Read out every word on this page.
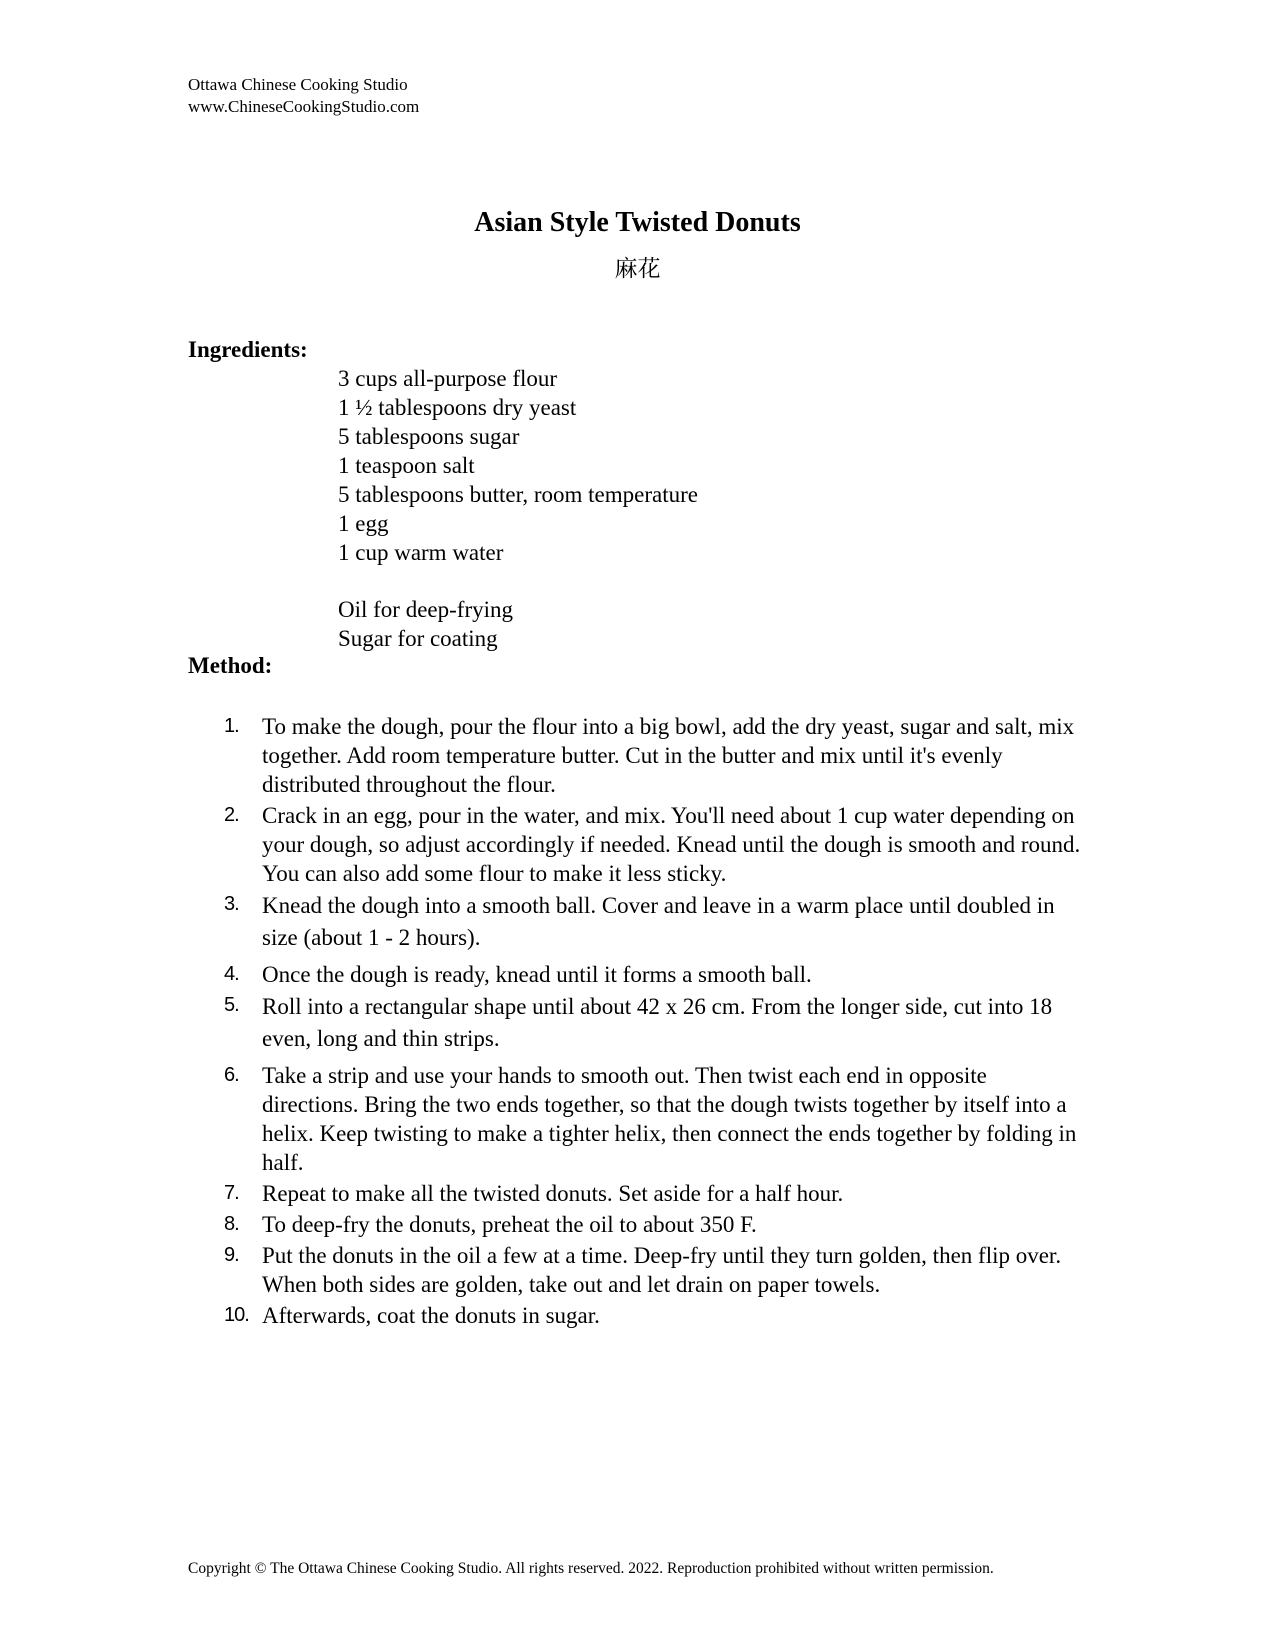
Ottawa Chinese Cooking Studio
www.ChineseCookingStudio.com
Asian Style Twisted Donuts
麻花
Ingredients:
3 cups all-purpose flour
1 ½ tablespoons dry yeast
5 tablespoons sugar
1 teaspoon salt
5 tablespoons butter, room temperature
1 egg
1 cup warm water
Oil for deep-frying
Sugar for coating
Method:
1.	To make the dough, pour the flour into a big bowl, add the dry yeast, sugar and salt, mix together. Add room temperature butter. Cut in the butter and mix until it's evenly distributed throughout the flour.
2.	Crack in an egg, pour in the water, and mix. You'll need about 1 cup water depending on your dough, so adjust accordingly if needed. Knead until the dough is smooth and round. You can also add some flour to make it less sticky.
3.	Knead the dough into a smooth ball. Cover and leave in a warm place until doubled in size (about 1 - 2 hours).
4.	Once the dough is ready, knead until it forms a smooth ball.
5.	Roll into a rectangular shape until about 42 x 26 cm. From the longer side, cut into 18 even, long and thin strips.
6.	Take a strip and use your hands to smooth out. Then twist each end in opposite directions. Bring the two ends together, so that the dough twists together by itself into a helix. Keep twisting to make a tighter helix, then connect the ends together by folding in half.
7.	Repeat to make all the twisted donuts. Set aside for a half hour.
8.	To deep-fry the donuts, preheat the oil to about 350 F.
9.	Put the donuts in the oil a few at a time. Deep-fry until they turn golden, then flip over. When both sides are golden, take out and let drain on paper towels.
10. Afterwards, coat the donuts in sugar.
Copyright © The Ottawa Chinese Cooking Studio. All rights reserved. 2022. Reproduction prohibited without written permission.
